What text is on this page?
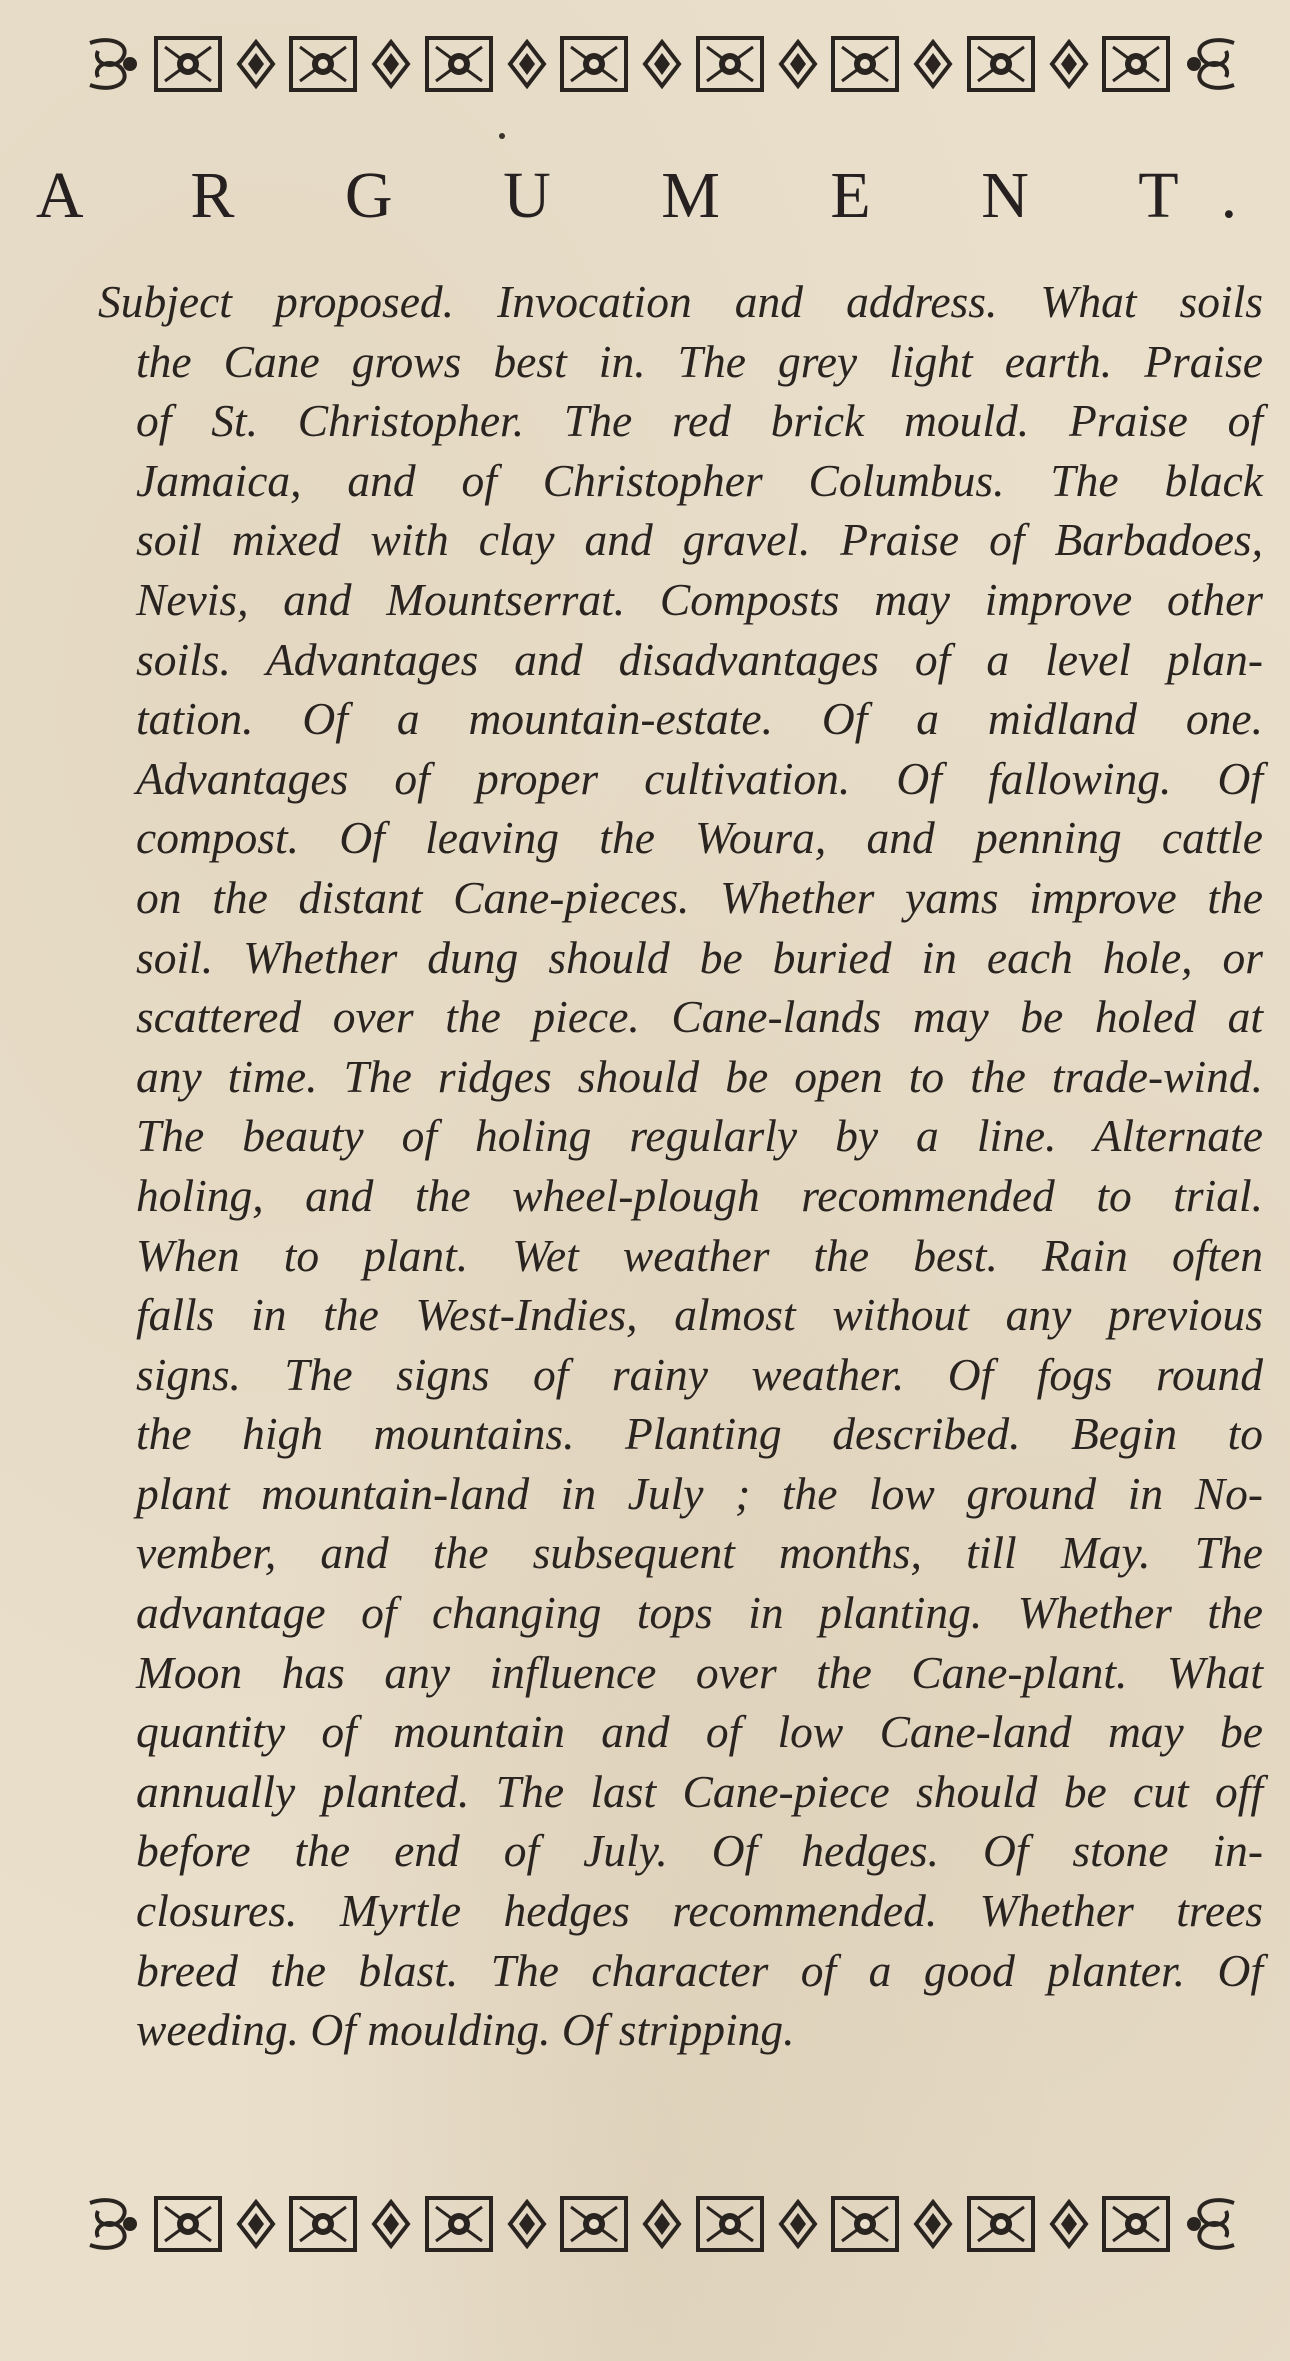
A R G U M E N T.
Subject proposed. Invocation and address. What soils
the Cane grows best in. The grey light earth. Praise
of St. Christopher. The red brick mould. Praise of
Jamaica, and of Christopher Columbus. The black
soil mixed with clay and gravel. Praise of Barbadoes,
Nevis, and Mountserrat. Composts may improve other
soils. Advantages and disadvantages of a level plan-
tation. Of a mountain-estate. Of a midland one.
Advantages of proper cultivation. Of fallowing. Of
compost. Of leaving the Woura, and penning cattle
on the distant Cane-pieces. Whether yams improve the
soil. Whether dung should be buried in each hole, or
scattered over the piece. Cane-lands may be holed at
any time. The ridges should be open to the trade-wind.
The beauty of holing regularly by a line. Alternate
holing, and the wheel-plough recommended to trial.
When to plant. Wet weather the best. Rain often
falls in the West-Indies, almost without any previous
signs. The signs of rainy weather. Of fogs round
the high mountains. Planting described. Begin to
plant mountain-land in July ; the low ground in No-
vember, and the subsequent months, till May. The
advantage of changing tops in planting. Whether the
Moon has any influence over the Cane-plant. What
quantity of mountain and of low Cane-land may be
annually planted. The last Cane-piece should be cut off
before the end of July. Of hedges. Of stone in-
closures. Myrtle hedges recommended. Whether trees
breed the blast. The character of a good planter. Of
weeding. Of moulding. Of stripping.
